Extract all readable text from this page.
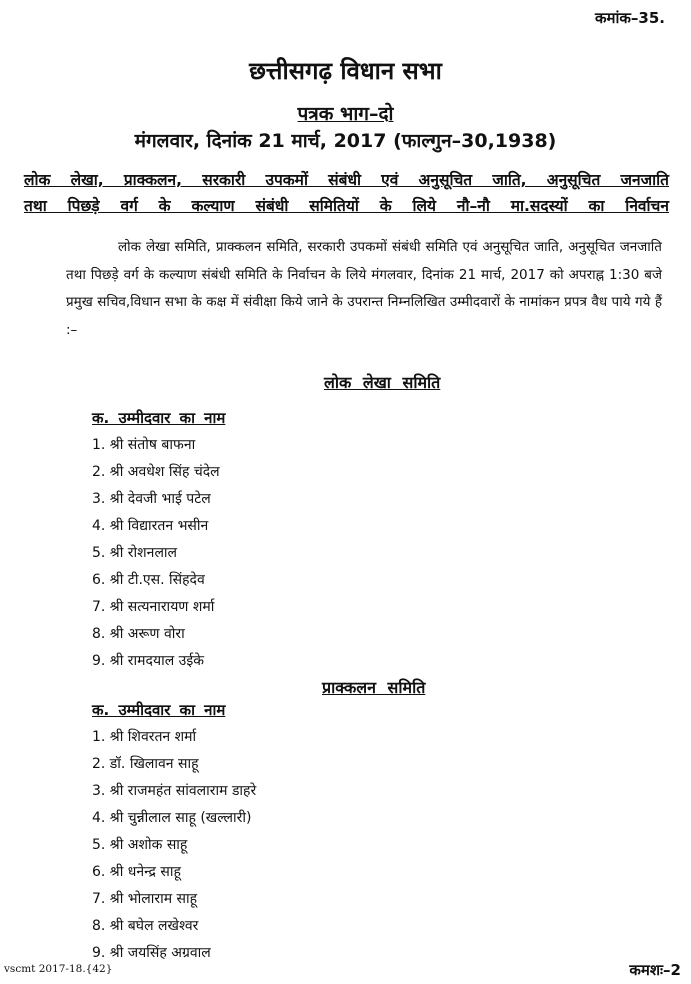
कमांक–35.
छत्तीसगढ़ विधान सभा
पत्रक भाग–दो
मंगलवार, दिनांक 21 मार्च, 2017 (फाल्गुन–30,1938)
लोक लेखा, प्राक्कलन, सरकारी उपकमों संबंधी एवं अनुसूचित जाति, अनुसूचित जनजाति
तथा पिछड़े वर्ग के कल्याण संबंधी समितियों के लिये नौ–नौ मा.सदस्यों का निर्वाचन
लोक लेखा समिति, प्राक्कलन समिति, सरकारी उपकमों संबंधी समिति एवं अनुसूचित जाति, अनुसूचित जनजाति तथा पिछड़े वर्ग के कल्याण संबंधी समिति के निर्वाचन के लिये मंगलवार, दिनांक 21 मार्च, 2017 को अपराह्न 1:30 बजे प्रमुख सचिव,विधान सभा के कक्ष में संवीक्षा किये जाने के उपरान्त निम्नलिखित उम्मीदवारों के नामांकन प्रपत्र वैध पाये गये हैं :–
लोक लेखा समिति
क. उम्मीदवार का नाम
1. श्री संतोष बाफना
2. श्री अवधेश सिंह चंदेल
3. श्री देवजी भाई पटेल
4. श्री विद्यारतन भसीन
5. श्री रोशनलाल
6. श्री टी.एस. सिंहदेव
7. श्री सत्यनारायण शर्मा
8. श्री अरूण वोरा
9. श्री रामदयाल उईके
प्राक्कलन समिति
क. उम्मीदवार का नाम
1. श्री शिवरतन शर्मा
2. डॉ. खिलावन साहू
3. श्री राजमहंत सांवलाराम डाहरे
4. श्री चुन्नीलाल साहू (खल्लारी)
5. श्री अशोक साहू
6. श्री धनेन्द्र साहू
7. श्री भोलाराम साहू
8. श्री बघेल लखेश्वर
9. श्री जयसिंह अग्रवाल
vscmt 2017-18.{42}	कमशः–2
